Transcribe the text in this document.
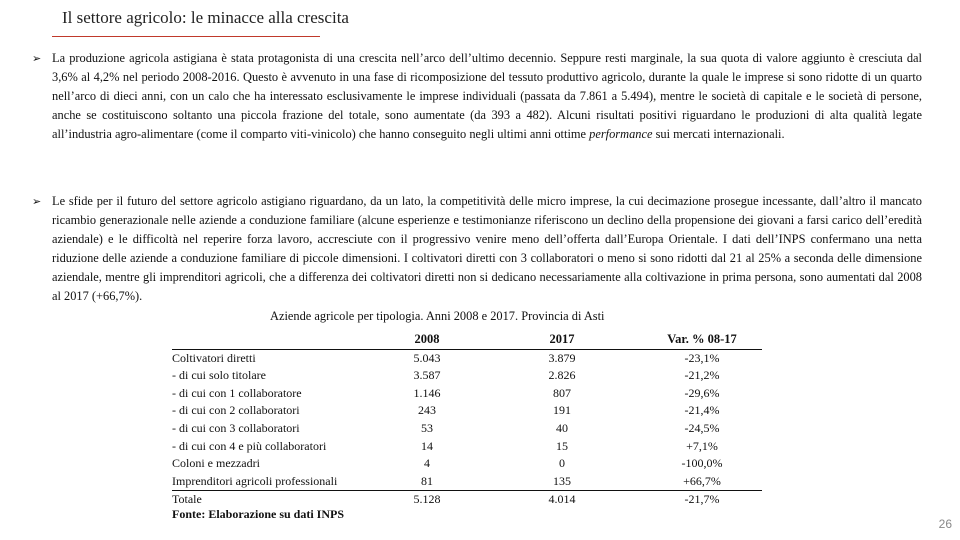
Il settore agricolo: le minacce alla crescita
➢ La produzione agricola astigiana è stata protagonista di una crescita nell’arco dell’ultimo decennio. Seppure resti marginale, la sua quota di valore aggiunto è cresciuta dal 3,6% al 4,2% nel periodo 2008-2016. Questo è avvenuto in una fase di ricomposizione del tessuto produttivo agricolo, durante la quale le imprese si sono ridotte di un quarto nell’arco di dieci anni, con un calo che ha interessato esclusivamente le imprese individuali (passata da 7.861 a 5.494), mentre le società di capitale e le società di persone, anche se costituiscono soltanto una piccola frazione del totale, sono aumentate (da 393 a 482). Alcuni risultati positivi riguardano le produzioni di alta qualità legate all’industria agro-alimentare (come il comparto viti-vinicolo) che hanno conseguito negli ultimi anni ottime performance sui mercati internazionali.
➢ Le sfide per il futuro del settore agricolo astigiano riguardano, da un lato, la competitività delle micro imprese, la cui decimazione prosegue incessante, dall’altro il mancato ricambio generazionale nelle aziende a conduzione familiare (alcune esperienze e testimonianze riferiscono un declino della propensione dei giovani a farsi carico dell’eredità aziendale) e le difficoltà nel reperire forza lavoro, accresciute con il progressivo venire meno dell’offerta dall’Europa Orientale. I dati dell’INPS confermano una netta riduzione delle aziende a conduzione familiare di piccole dimensioni. I coltivatori diretti con 3 collaboratori o meno si sono ridotti dal 21 al 25% a seconda delle dimensione aziendale, mentre gli imprenditori agricoli, che a differenza dei coltivatori diretti non si dedicano necessariamente alla coltivazione in prima persona, sono aumentati dal 2008 al 2017 (+66,7%).
Aziende agricole per tipologia. Anni 2008 e 2017. Provincia di Asti
	2008	2017	Var. % 08-17
Coltivatori diretti	5.043	3.879	-23,1%
- di cui solo titolare	3.587	2.826	-21,2%
- di cui con 1 collaboratore	1.146	807	-29,6%
- di cui con 2 collaboratori	243	191	-21,4%
- di cui con 3 collaboratori	53	40	-24,5%
- di cui con 4 e più collaboratori	14	15	+7,1%
Coloni e mezzadri	4	0	-100,0%
Imprenditori agricoli professionali	81	135	+66,7%
Totale	5.128	4.014	-21,7%
Fonte: Elaborazione su dati INPS
26
